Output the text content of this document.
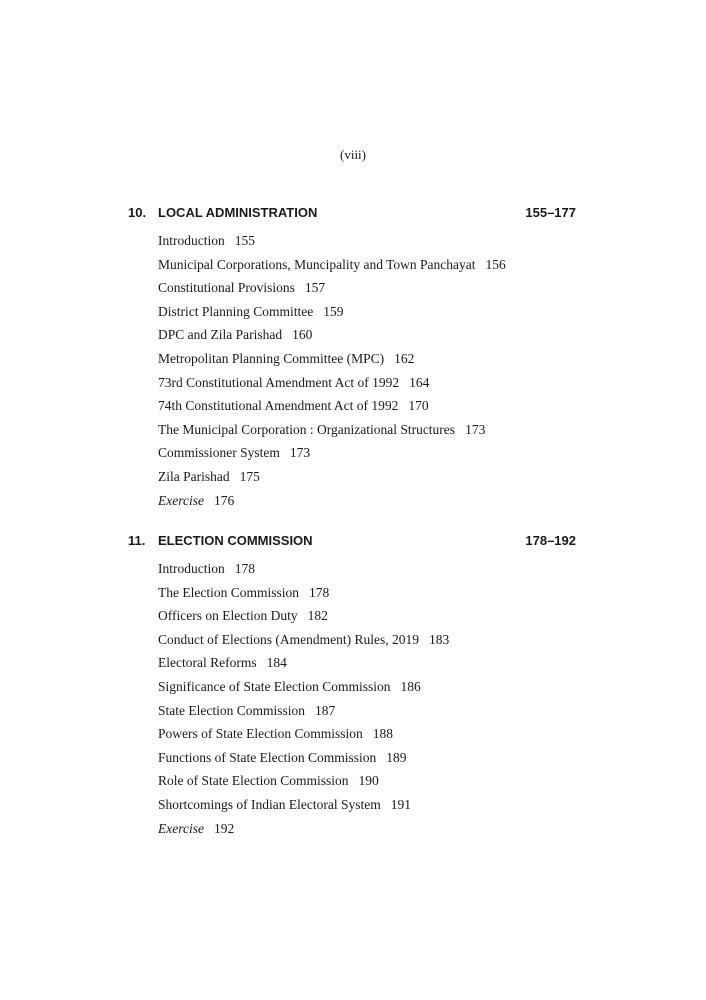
(viii)
10. LOCAL ADMINISTRATION	155–177
Introduction 155
Municipal Corporations, Muncipality and Town Panchayat 156
Constitutional Provisions 157
District Planning Committee 159
DPC and Zila Parishad 160
Metropolitan Planning Committee (MPC) 162
73rd Constitutional Amendment Act of 1992 164
74th Constitutional Amendment Act of 1992 170
The Municipal Corporation : Organizational Structures 173
Commissioner System 173
Zila Parishad 175
Exercise 176
11. ELECTION COMMISSION	178–192
Introduction 178
The Election Commission 178
Officers on Election Duty 182
Conduct of Elections (Amendment) Rules, 2019 183
Electoral Reforms 184
Significance of State Election Commission 186
State Election Commission 187
Powers of State Election Commission 188
Functions of State Election Commission 189
Role of State Election Commission 190
Shortcomings of Indian Electoral System 191
Exercise 192
